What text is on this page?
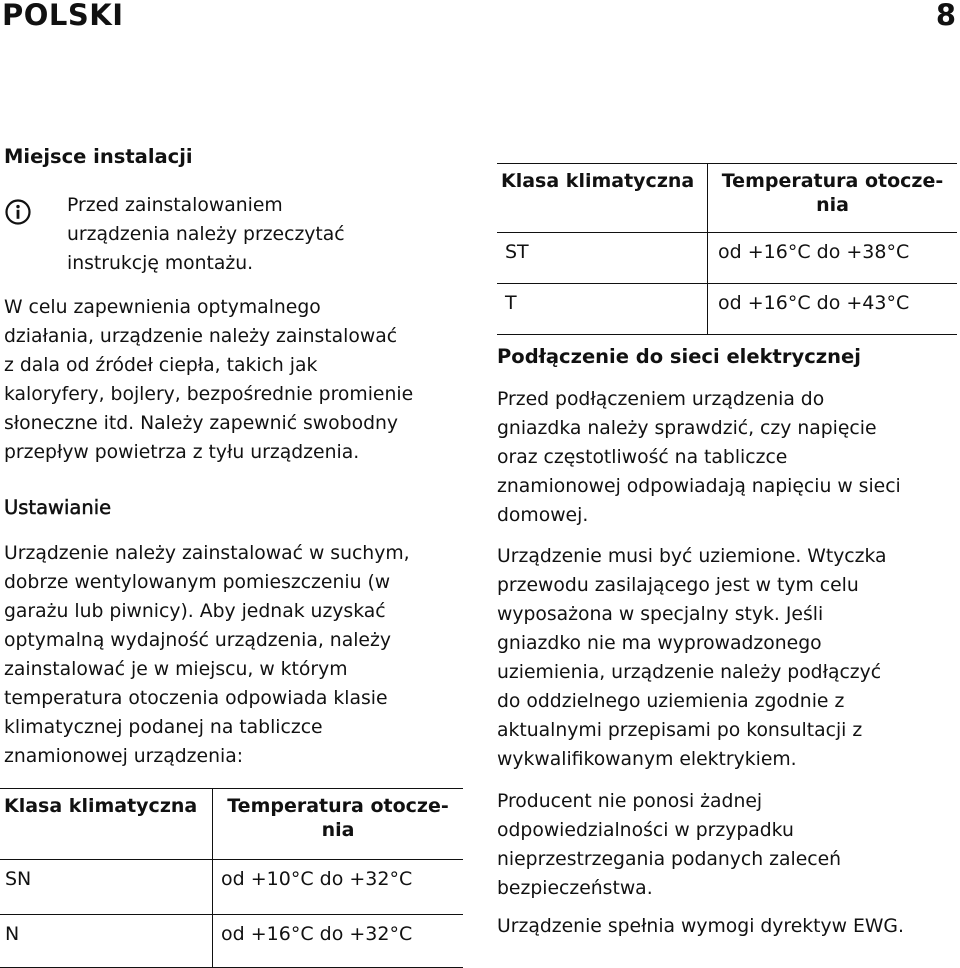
POLSKI	8
Miejsce instalacji

Przed zainstalowaniem
urządzenia należy przeczytać
instrukcję montażu.

W celu zapewnienia optymalnego
działania, urządzenie należy zainstalować
z dala od źródeł ciepła, takich jak
kaloryfery, bojlery, bezpośrednie promienie
słoneczne itd. Należy zapewnić swobodny
przepływ powietrza z tyłu urządzenia.

Ustawianie

Urządzenie należy zainstalować w suchym,
dobrze wentylowanym pomieszczeniu (w
garażu lub piwnicy). Aby jednak uzyskać
optymalną wydajność urządzenia, należy
zainstalować je w miejscu, w którym
temperatura otoczenia odpowiada klasie
klimatycznej podanej na tabliczce
znamionowej urządzenia:

Klasa klimatyczna	Temperatura otocze-
nia

SN	od +10°C do +32°C
N	od +16°C do +32°C
Klasa klimatyczna	Temperatura otocze-
nia

ST	od +16°C do +38°C
T	od +16°C do +43°C
Podłączenie do sieci elektrycznej

Przed podłączeniem urządzenia do
gniazdka należy sprawdzić, czy napięcie
oraz częstotliwość na tabliczce
znamionowej odpowiadają napięciu w sieci
domowej.

Urządzenie musi być uziemione. Wtyczka
przewodu zasilającego jest w tym celu
wyposażona w specjalny styk. Jeśli
gniazdko nie ma wyprowadzonego
uziemienia, urządzenie należy podłączyć
do oddzielnego uziemienia zgodnie z
aktualnymi przepisami po konsultacji z
wykwalifikowanym elektrykiem.

Producent nie ponosi żadnej
odpowiedzialności w przypadku
nieprzestrzegania podanych zaleceń
bezpieczeństwa.

Urządzenie spełnia wymogi dyrektyw EWG.
